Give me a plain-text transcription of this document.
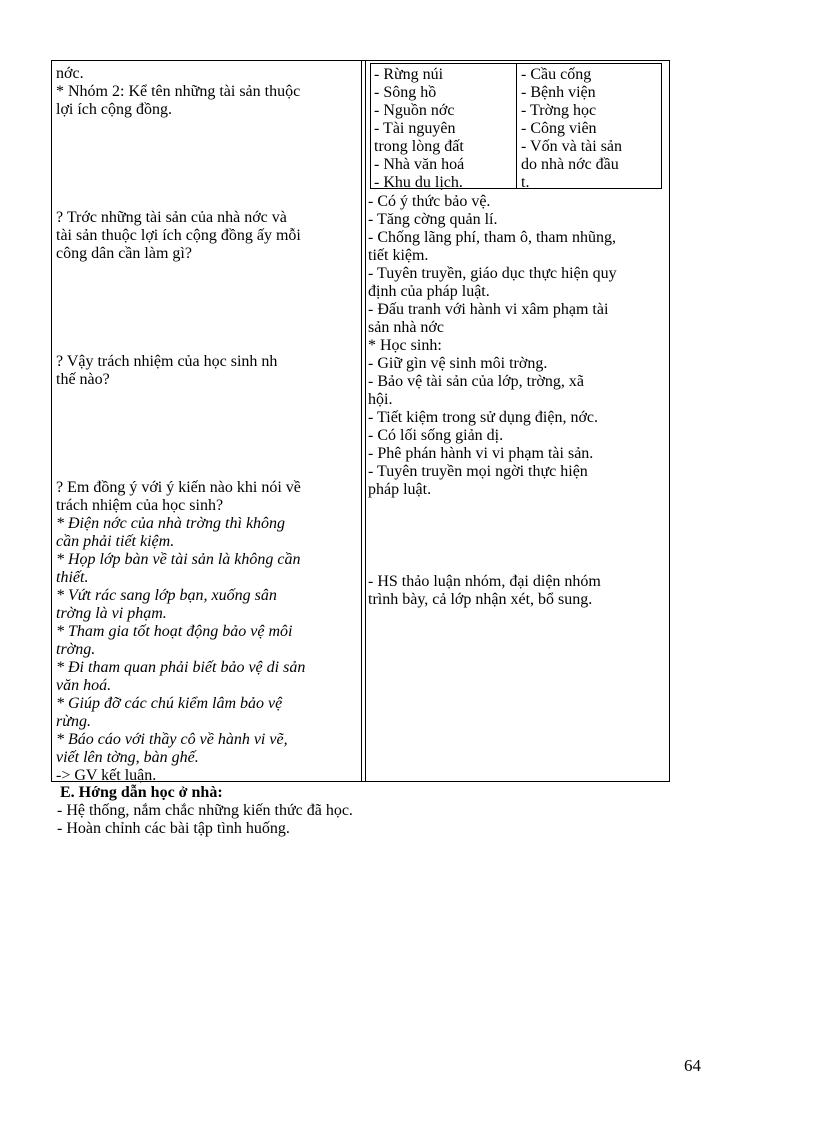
nớc.
* Nhóm 2: Kể tên những tài sản thuộc
lợi ích cộng đồng.
? Trớc những tài sản của nhà nớc và
tài sản thuộc lợi ích cộng đồng ấy mỗi
công dân cần làm gì?
? Vậy trách nhiệm của học sinh nh
thế nào?
? Em đồng ý với ý kiến nào khi nói về
trách nhiệm của học sinh?
* Điện nớc của nhà trờng thì không
cần phải tiết kiệm.
* Họp lớp bàn về tài sản là không cần
thiết.
* Vứt rác sang lớp bạn, xuống sân
trờng là vi phạm.
* Tham gia tốt hoạt động bảo vệ môi
trờng.
* Đi tham quan phải biết bảo vệ di sản
văn hoá.
* Giúp đỡ các chú kiểm lâm bảo vệ
rừng.
* Báo cáo với thầy cô về hành vi vẽ,
viết lên tờng, bàn ghế.
-> GV kết luận.
- Rừng núi
- Sông hồ
- Nguồn nớc
- Tài nguyên
trong lòng đất
- Nhà văn hoá
- Khu du lịch.
- Cầu cống
- Bệnh viện
- Trờng học
- Công viên
- Vốn và tài sản
do nhà nớc đầu
t.
- Có ý thức bảo vệ.
- Tăng cờng quản lí.
- Chống lãng phí, tham ô, tham nhũng,
tiết kiệm.
- Tuyên truyền, giáo dục thực hiện quy
định của pháp luật.
- Đấu tranh với hành vi xâm phạm tài
sản nhà nớc
* Học sinh:
- Giữ gìn vệ sinh môi trờng.
- Bảo vệ tài sản của lớp, trờng, xã
hội.
- Tiết kiệm trong sử dụng điện, nớc.
- Có lối sống giản dị.
- Phê phán hành vi vi phạm tài sản.
- Tuyên truyền mọi ngời thực hiện
pháp luật.
- HS thảo luận nhóm, đại diện nhóm
trình bày, cả lớp nhận xét, bổ sung.
E. Hớng dẫn học ở nhà:
- Hệ thống, nắm chắc những kiến thức đã học.
- Hoàn chỉnh các bài tập tình huống.
64
